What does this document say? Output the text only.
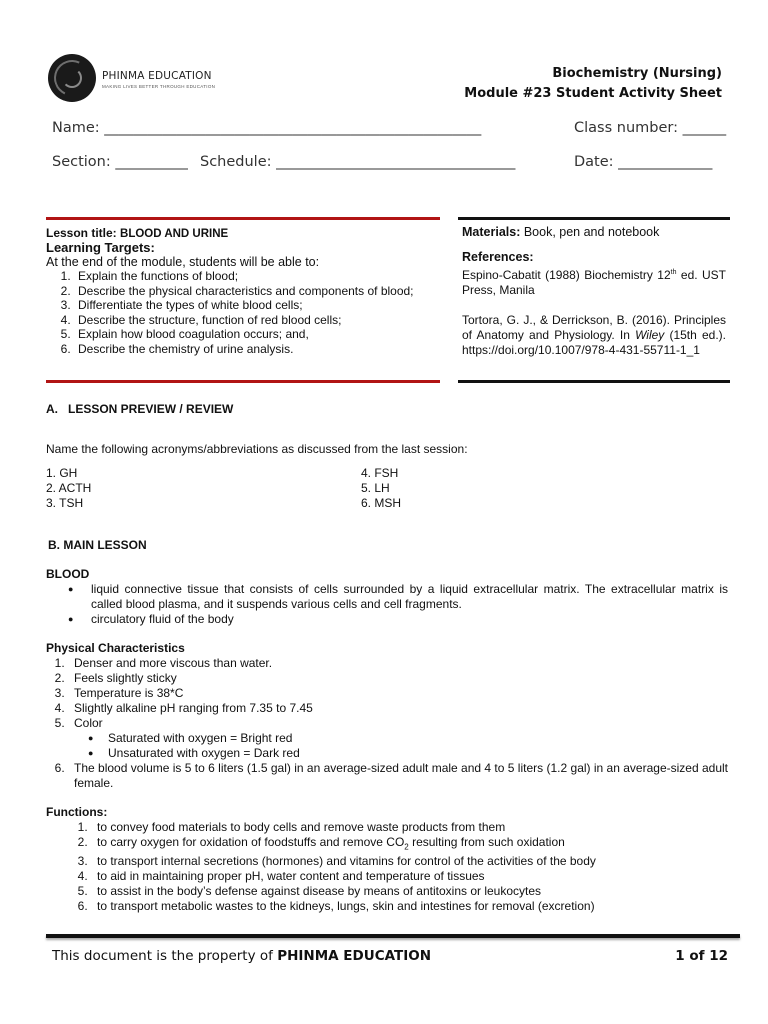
PHINMA EDUCATION
MAKING LIVES BETTER THROUGH EDUCATION
Biochemistry (Nursing)
Module #23 Student Activity Sheet
Name: ____________________________________________________	Class number: ______
Section: __________ Schedule: _________________________________	Date: _____________
Lesson title: BLOOD AND URINE
Learning Targets:
At the end of the module, students will be able to:
1. Explain the functions of blood;
2. Describe the physical characteristics and components of blood;
3. Differentiate the types of white blood cells;
4. Describe the structure, function of red blood cells;
5. Explain how blood coagulation occurs; and,
6. Describe the chemistry of urine analysis.
Materials: Book, pen and notebook
References:
Espino-Cabatit (1988) Biochemistry 12th ed. UST Press, Manila
Tortora, G. J., & Derrickson, B. (2016). Principles of Anatomy and Physiology. In Wiley (15th ed.). https://doi.org/10.1007/978-4-431-55711-1_1
A.   LESSON PREVIEW / REVIEW
Name the following acronyms/abbreviations as discussed from the last session:
1. GH
2. ACTH
3. TSH
4. FSH
5. LH
6. MSH
B. MAIN LESSON
BLOOD
● liquid connective tissue that consists of cells surrounded by a liquid extracellular matrix. The extracellular matrix is called blood plasma, and it suspends various cells and cell fragments.
● circulatory fluid of the body
Physical Characteristics
1. Denser and more viscous than water.
2. Feels slightly sticky
3. Temperature is 38*C
4. Slightly alkaline pH ranging from 7.35 to 7.45
5. Color
● Saturated with oxygen = Bright red
● Unsaturated with oxygen = Dark red
6. The blood volume is 5 to 6 liters (1.5 gal) in an average-sized adult male and 4 to 5 liters (1.2 gal) in an average-sized adult female.
Functions:
1. to convey food materials to body cells and remove waste products from them
2. to carry oxygen for oxidation of foodstuffs and remove $CO_2$ resulting from such oxidation
3. to transport internal secretions (hormones) and vitamins for control of the activities of the body
4. to aid in maintaining proper pH, water content and temperature of tissues
5. to assist in the body’s defense against disease by means of antitoxins or leukocytes
6. to transport metabolic wastes to the kidneys, lungs, skin and intestines for removal (excretion)
This document is the property of PHINMA EDUCATION	1 of 12
